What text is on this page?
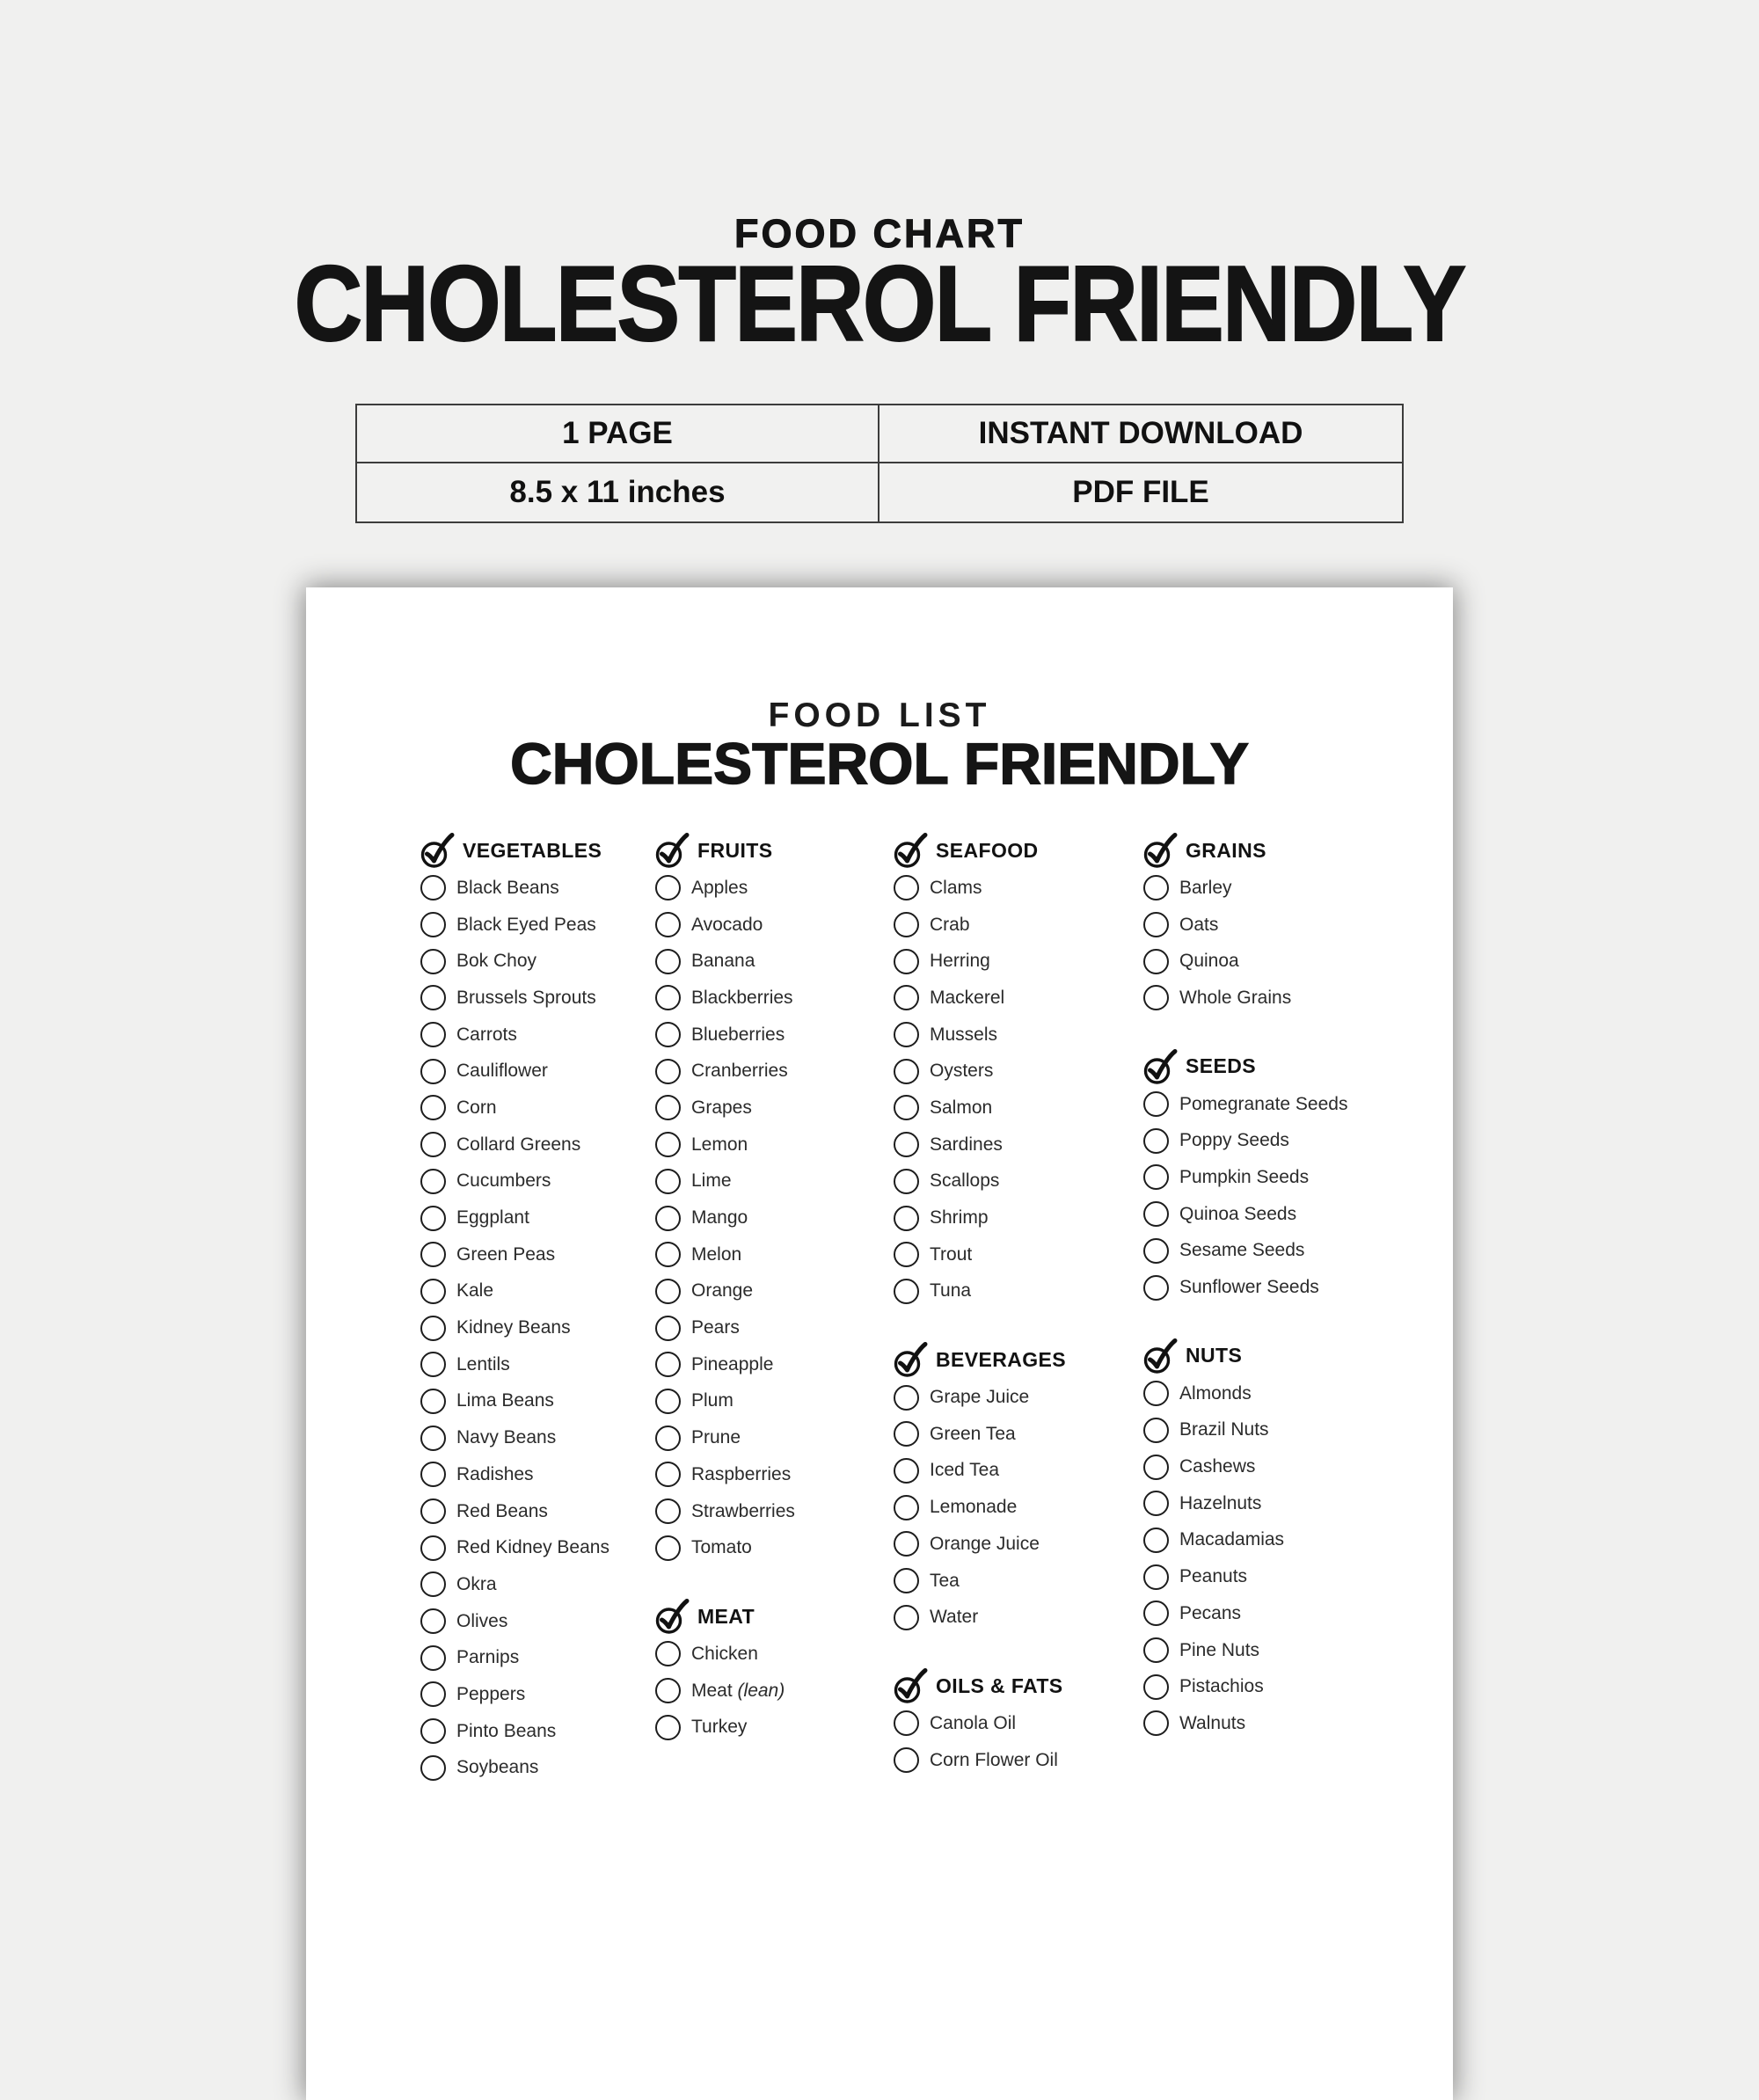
FOOD CHART
CHOLESTEROL FRIENDLY
1 PAGE	INSTANT DOWNLOAD
8.5 x 11 inches	PDF FILE
FOOD LIST
CHOLESTEROL FRIENDLY
VEGETABLES
Black Beans
Black Eyed Peas
Bok Choy
Brussels Sprouts
Carrots
Cauliflower
Corn
Collard Greens
Cucumbers
Eggplant
Green Peas
Kale
Kidney Beans
Lentils
Lima Beans
Navy Beans
Radishes
Red Beans
Red Kidney Beans
Okra
Olives
Parnips
Peppers
Pinto Beans
Soybeans
FRUITS
Apples
Avocado
Banana
Blackberries
Blueberries
Cranberries
Grapes
Lemon
Lime
Mango
Melon
Orange
Pears
Pineapple
Plum
Prune
Raspberries
Strawberries
Tomato
MEAT
Chicken
Meat (lean)
Turkey
SEAFOOD
Clams
Crab
Herring
Mackerel
Mussels
Oysters
Salmon
Sardines
Scallops
Shrimp
Trout
Tuna
BEVERAGES
Grape Juice
Green Tea
Iced Tea
Lemonade
Orange Juice
Tea
Water
OILS & FATS
Canola Oil
Corn Flower Oil
GRAINS
Barley
Oats
Quinoa
Whole Grains
SEEDS
Pomegranate Seeds
Poppy Seeds
Pumpkin Seeds
Quinoa Seeds
Sesame Seeds
Sunflower Seeds
NUTS
Almonds
Brazil Nuts
Cashews
Hazelnuts
Macadamias
Peanuts
Pecans
Pine Nuts
Pistachios
Walnuts
